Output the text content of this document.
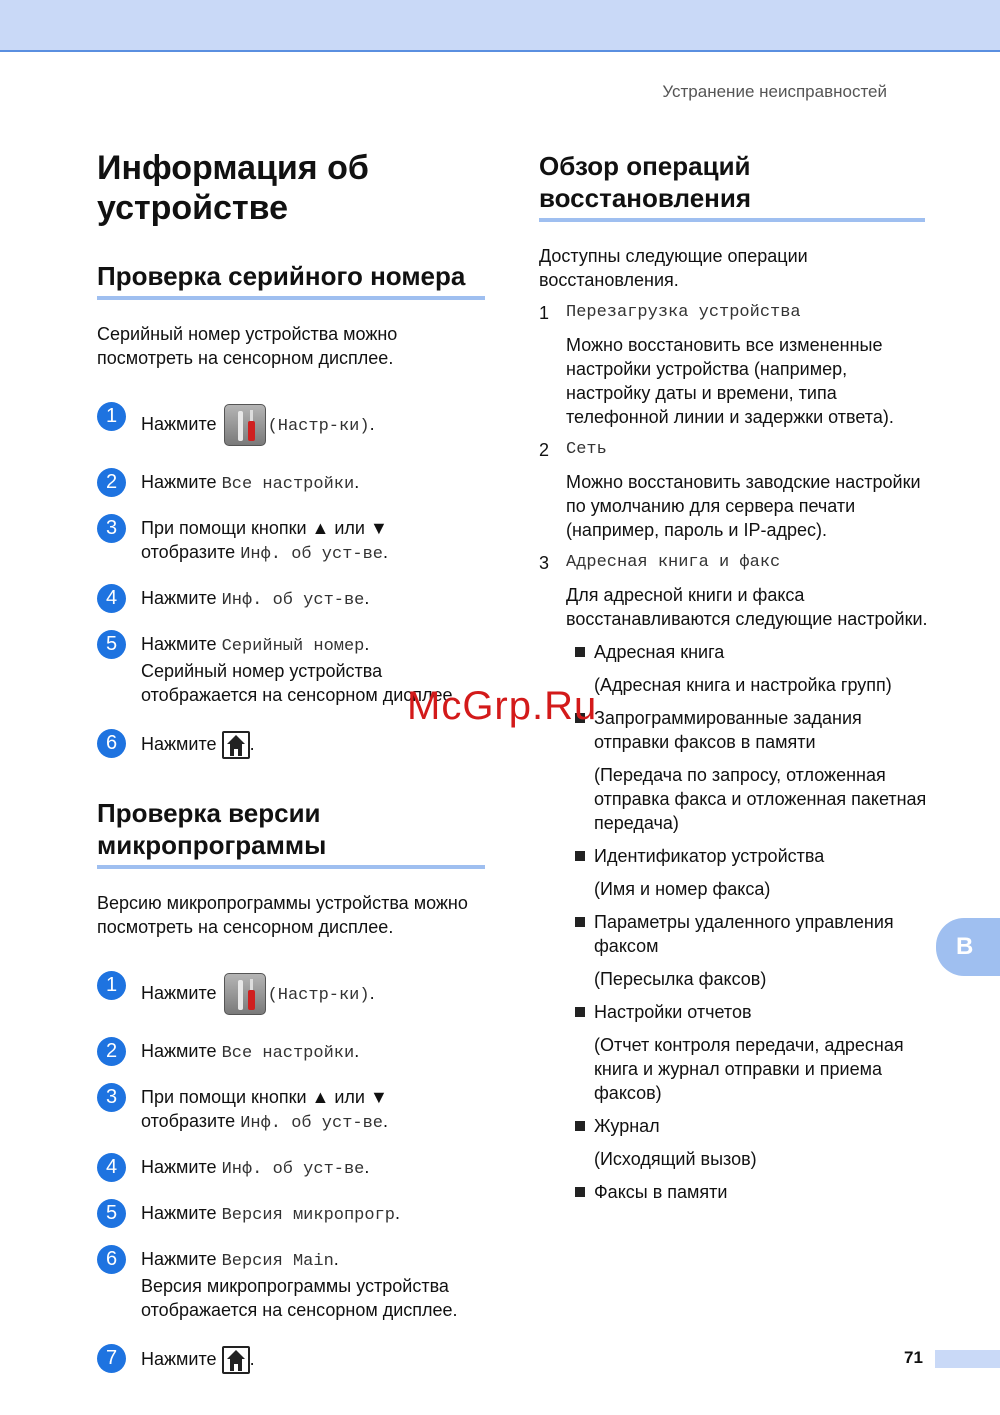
Устранение неисправностей
Информация об
устройстве
Проверка серийного номера
Серийный номер устройства можно посмотреть на сенсорном дисплее.
1	Нажмите	(Настр-ки).
2	Нажмите Все настройки.
3	При помощи кнопки ▲ или ▼
отобразите Инф. об уст-ве.
4	Нажмите Инф. об уст-ве.
5	Нажмите Серийный номер.
Серийный номер устройства отображается на сенсорном дисплее.
6	Нажмите .
Проверка версии
микропрограммы
Версию микропрограммы устройства можно посмотреть на сенсорном дисплее.
1	Нажмите	(Настр-ки).
2	Нажмите Все настройки.
3	При помощи кнопки ▲ или ▼
отобразите Инф. об уст-ве.
4	Нажмите Инф. об уст-ве.
5	Нажмите Версия микропрогр.
6	Нажмите Версия Main.
Версия микропрограммы устройства отображается на сенсорном дисплее.
7	Нажмите .
Обзор операций
восстановления
Доступны следующие операции восстановления.
1 Перезагрузка устройства
Можно восстановить все измененные настройки устройства (например, настройку даты и времени, типа телефонной линии и задержки ответа).
2 Сеть
Можно восстановить заводские настройки по умолчанию для сервера печати (например, пароль и IP-адрес).
3 Адресная книга и факс
Для адресной книги и факса восстанавливаются следующие настройки.
Адресная книга
(Адресная книга и настройка групп)
Запрограммированные задания отправки факсов в памяти
(Передача по запросу, отложенная отправка факса и отложенная пакетная передача)
Идентификатор устройства
(Имя и номер факса)
Параметры удаленного управления факсом
(Пересылка факсов)
Настройки отчетов
(Отчет контроля передачи, адресная книга и журнал отправки и приема факсов)
Журнал
(Исходящий вызов)
Факсы в памяти
McGrp.Ru
B
71
